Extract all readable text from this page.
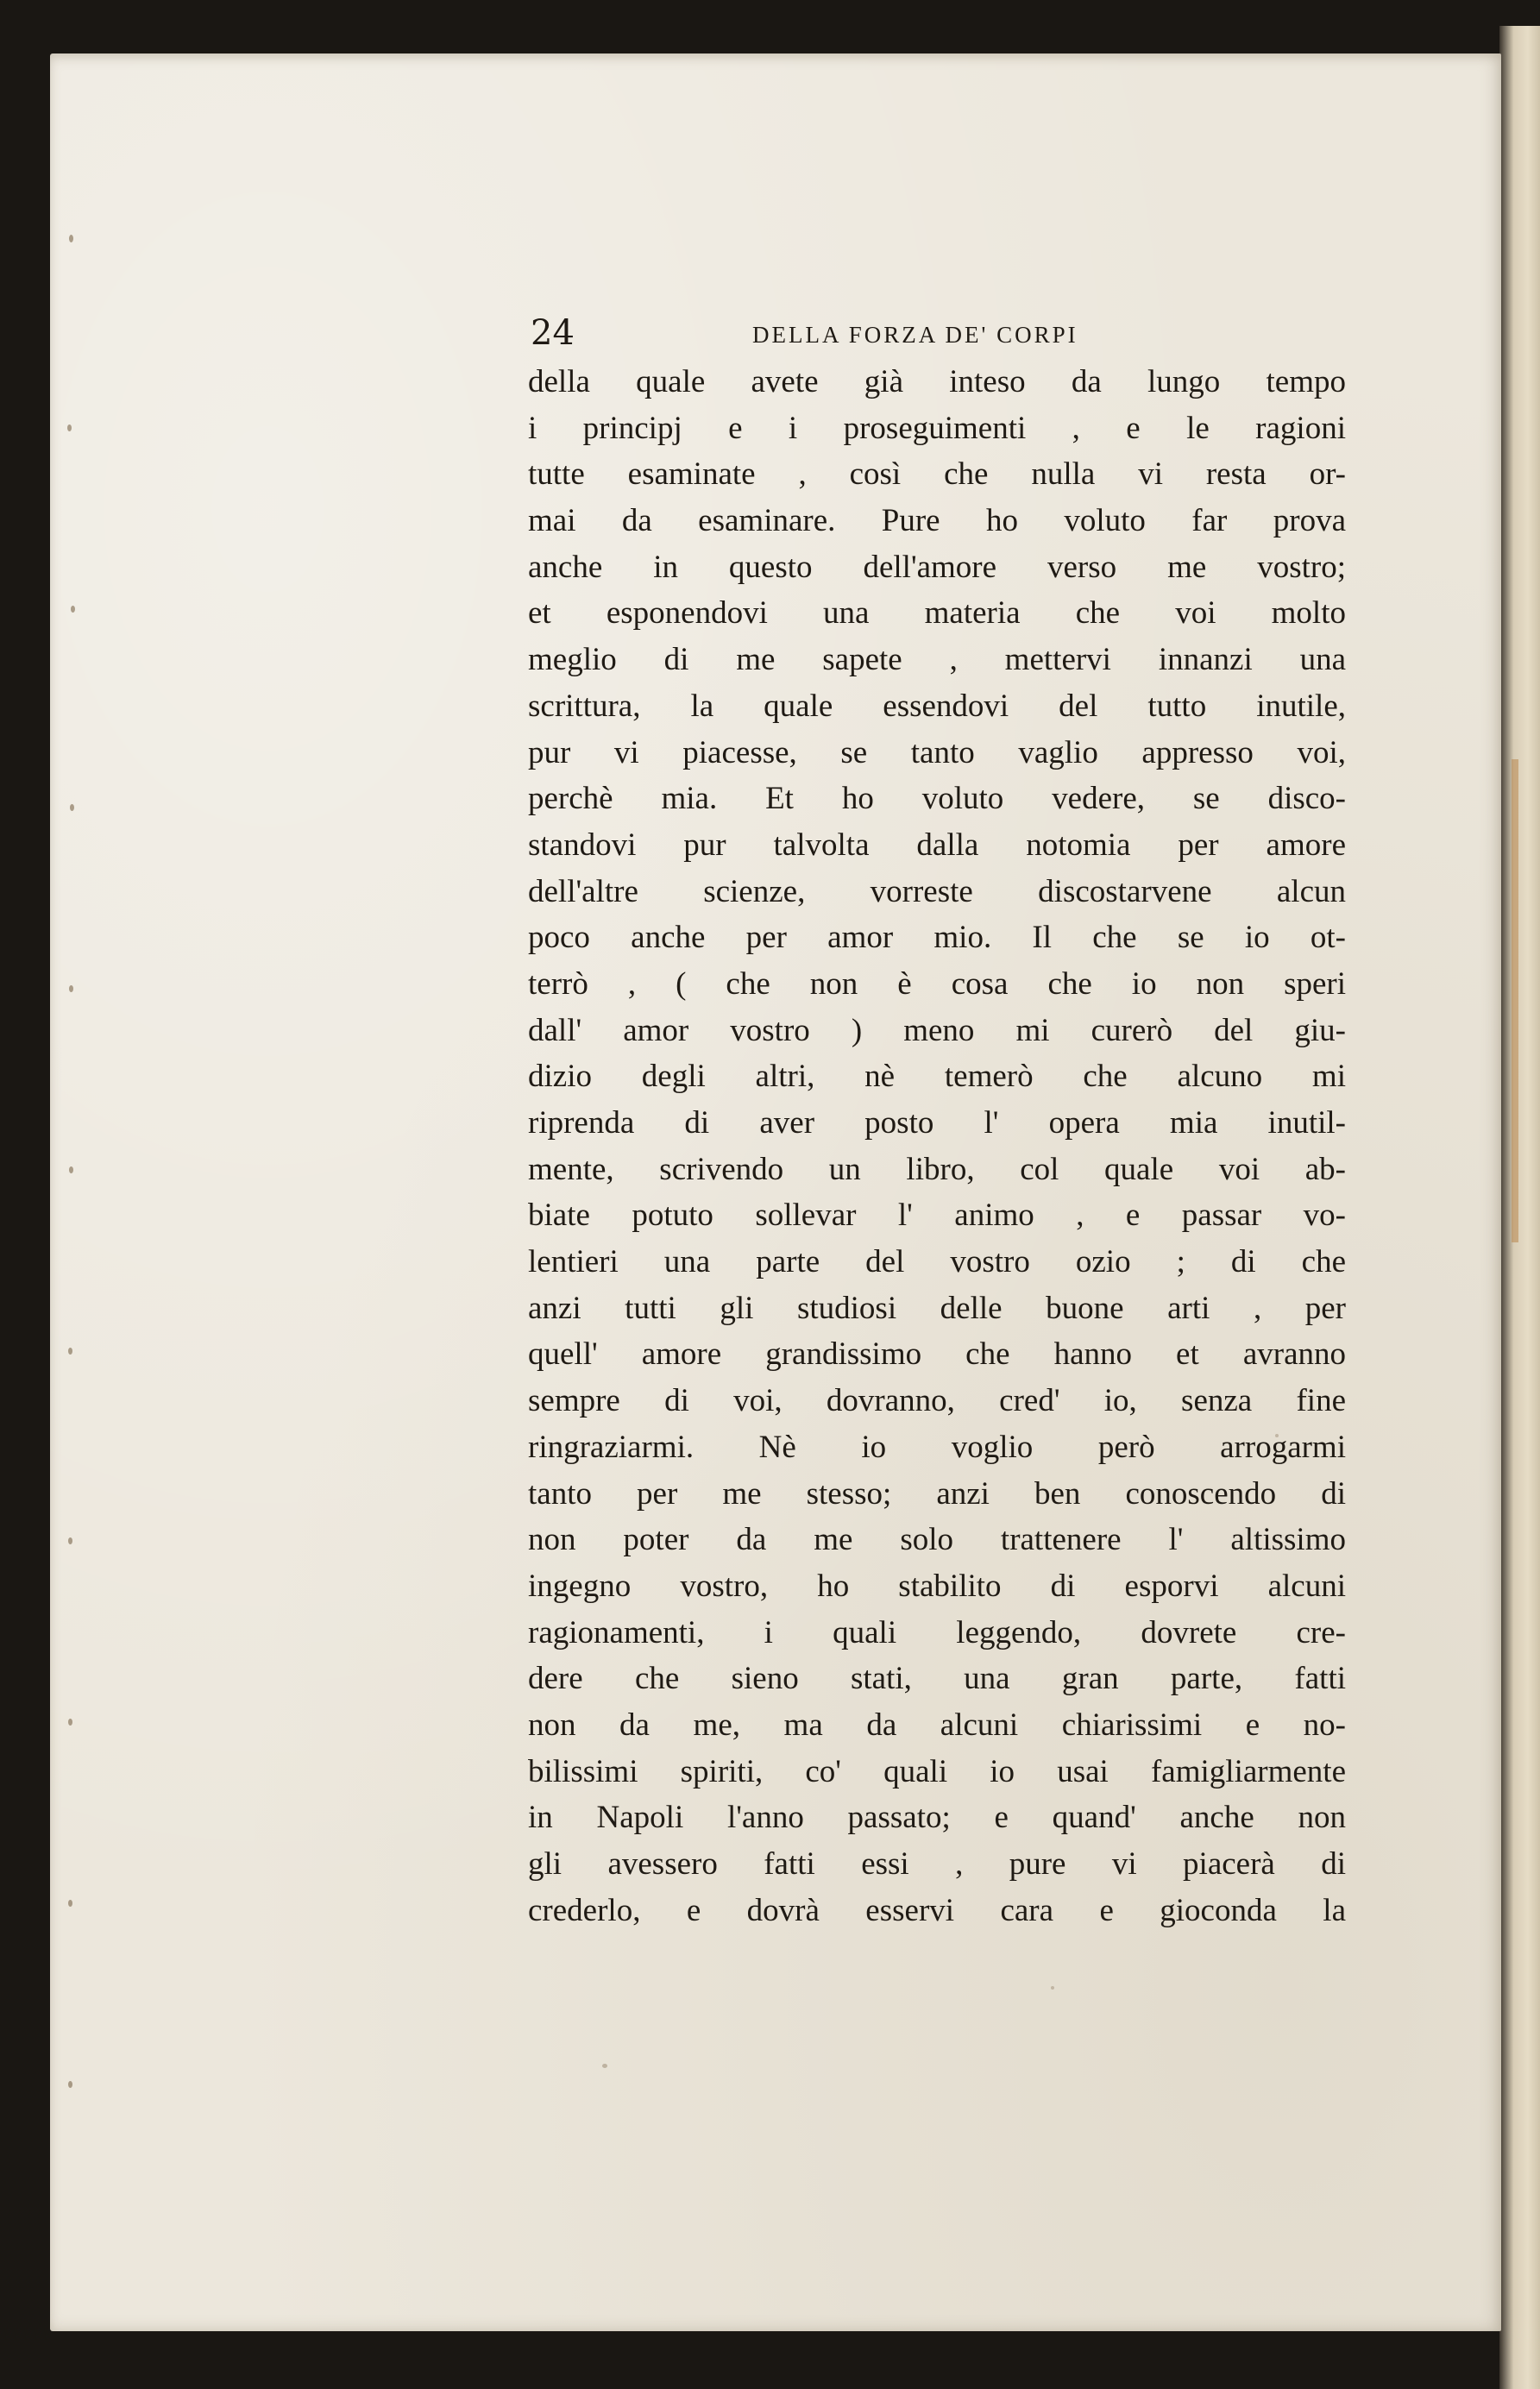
24	DELLA FORZA DE' CORPI
della quale avete già inteso da lungo tempo
i principj e i proseguimenti , e le ragioni
tutte esaminate , così che nulla vi resta or-
mai da esaminare. Pure ho voluto far prova
anche in questo dell'amore verso me vostro;
et esponendovi una materia che voi molto
meglio di me sapete , mettervi innanzi una
scrittura, la quale essendovi del tutto inutile,
pur vi piacesse, se tanto vaglio appresso voi,
perchè mia. Et ho voluto vedere, se disco-
standovi pur talvolta dalla notomia per amore
dell'altre scienze, vorreste discostarvene alcun
poco anche per amor mio. Il che se io ot-
terrò , ( che non è cosa che io non speri
dall' amor vostro ) meno mi curerò del giu-
dizio degli altri, nè temerò che alcuno mi
riprenda di aver posto l' opera mia inutil-
mente, scrivendo un libro, col quale voi ab-
biate potuto sollevar l' animo , e passar vo-
lentieri una parte del vostro ozio ; di che
anzi tutti gli studiosi delle buone arti , per
quell' amore grandissimo che hanno et avranno
sempre di voi, dovranno, cred' io, senza fine
ringraziarmi. Nè io voglio però arrogarmi
tanto per me stesso; anzi ben conoscendo di
non poter da me solo trattenere l' altissimo
ingegno vostro, ho stabilito di esporvi alcuni
ragionamenti, i quali leggendo, dovrete cre-
dere che sieno stati, una gran parte, fatti
non da me, ma da alcuni chiarissimi e no-
bilissimi spiriti, co' quali io usai famigliarmente
in Napoli l'anno passato; e quand' anche non
gli avessero fatti essi , pure vi piacerà di
crederlo, e dovrà esservi cara e gioconda la
